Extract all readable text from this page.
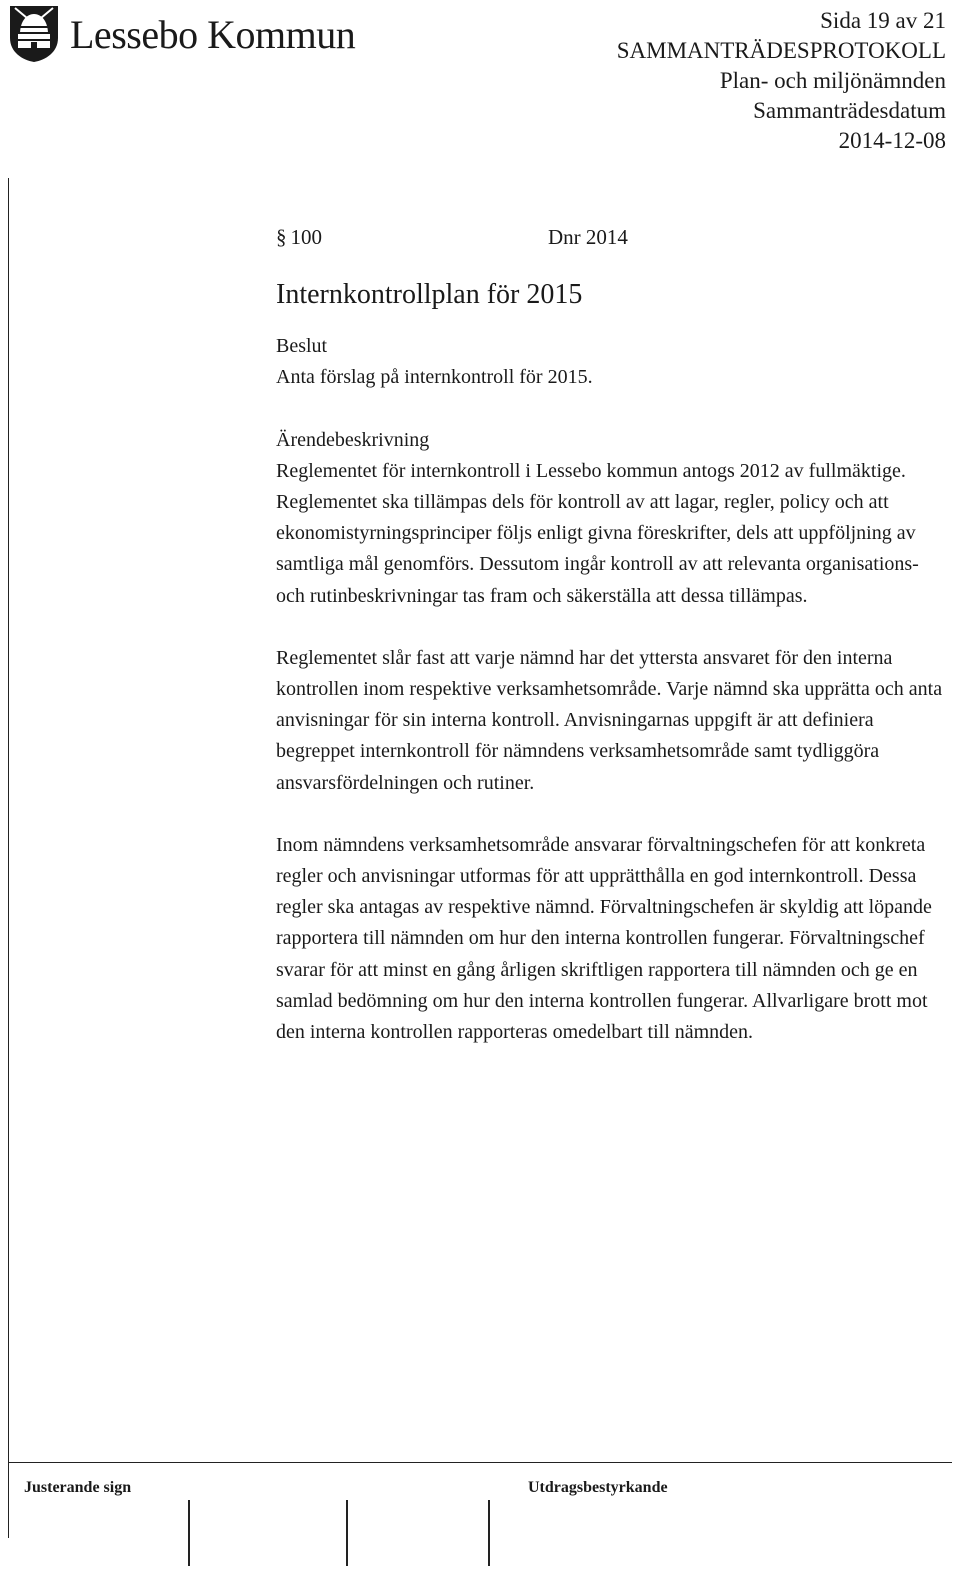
Lessebo Kommun	Sida 19 av 21
SAMMANTRÄDESPROTOKOLL
Plan- och miljönämnden
Sammanträdesdatum
2014-12-08
§ 100	Dnr 2014
Internkontrollplan för 2015
Beslut

Anta förslag på internkontroll för 2015.

Ärendebeskrivning

Reglementet för internkontroll i Lessebo kommun antogs 2012 av fullmäktige. Reglementet ska tillämpas dels för kontroll av att lagar, regler, policy och att ekonomistyrningsprinciper följs enligt givna föreskrifter, dels att uppföljning av samtliga mål genomförs. Dessutom ingår kontroll av att relevanta organisations- och rutinbeskrivningar tas fram och säkerställa att dessa tillämpas.

Reglementet slår fast att varje nämnd har det yttersta ansvaret för den interna kontrollen inom respektive verksamhetsområde. Varje nämnd ska upprätta och anta anvisningar för sin interna kontroll. Anvisningarnas uppgift är att definiera begreppet internkontroll för nämndens verksamhetsområde samt tydliggöra ansvarsfördelningen och rutiner.

Inom nämndens verksamhetsområde ansvarar förvaltningschefen för att konkreta regler och anvisningar utformas för att upprätthålla en god internkontroll. Dessa regler ska antagas av respektive nämnd. Förvaltningschefen är skyldig att löpande rapportera till nämnden om hur den interna kontrollen fungerar. Förvaltningschef svarar för att minst en gång årligen skriftligen rapportera till nämnden och ge en samlad bedömning om hur den interna kontrollen fungerar. Allvarligare brott mot den interna kontrollen rapporteras omedelbart till nämnden.

Justerande sign	Utdragsbestyrkande
